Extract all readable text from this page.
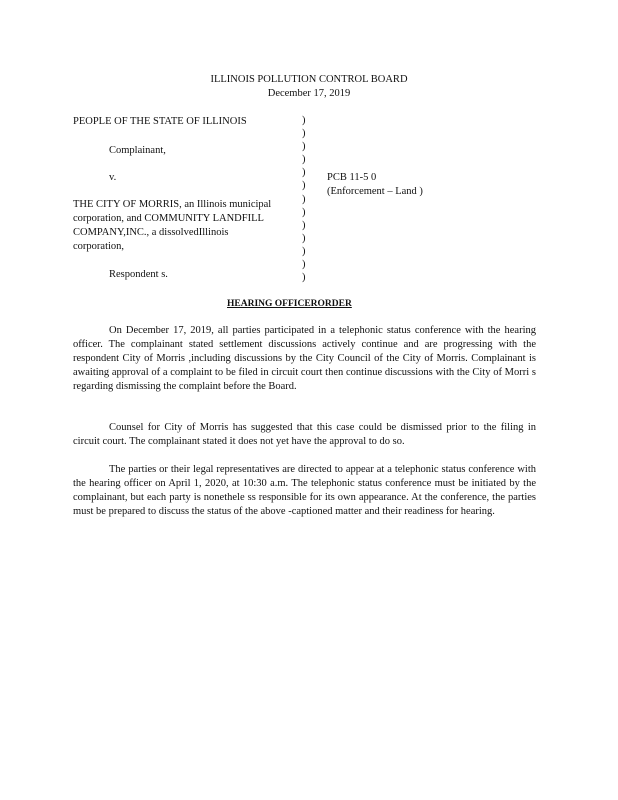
ILLINOIS POLLUTION CONTROL BOARD
December 17, 2019
PEOPLE OF THE STATE OF ILLINOIS
Complainant,
v.
THE CITY OF MORRIS, an Illinois municipal
corporation, and COMMUNITY LANDFILL
COMPANY,INC., a dissolvedIllinois
corporation,
Respondent s.
)
)
)
)
)
)
)
)
)
)
)
)
)
PCB 11-5 0
(Enforcement – Land )
HEARING OFFICERORDER
On December 17, 2019, all parties participated in a telephonic status conference with the hearing officer. The complainant stated settlement discussions actively continue and are progressing with the respondent City of Morris ,including discussions by the City Council of the City of Morris. Complainant is awaiting approval of a complaint to be filed in circuit court then continue discussions with the City of Morri s regarding dismissing the complaint before the Board.
Counsel for City of Morris has suggested that this case could be dismissed prior to the filing in circuit court. The complainant stated it does not yet have the approval to do so.
The parties or their legal representatives are directed to appear at a telephonic status conference with the hearing officer on April 1, 2020, at 10:30 a.m. The telephonic status conference must be initiated by the complainant, but each party is nonethele ss responsible for its own appearance. At the conference, the parties must be prepared to discuss the status of the above -captioned matter and their readiness for hearing.
